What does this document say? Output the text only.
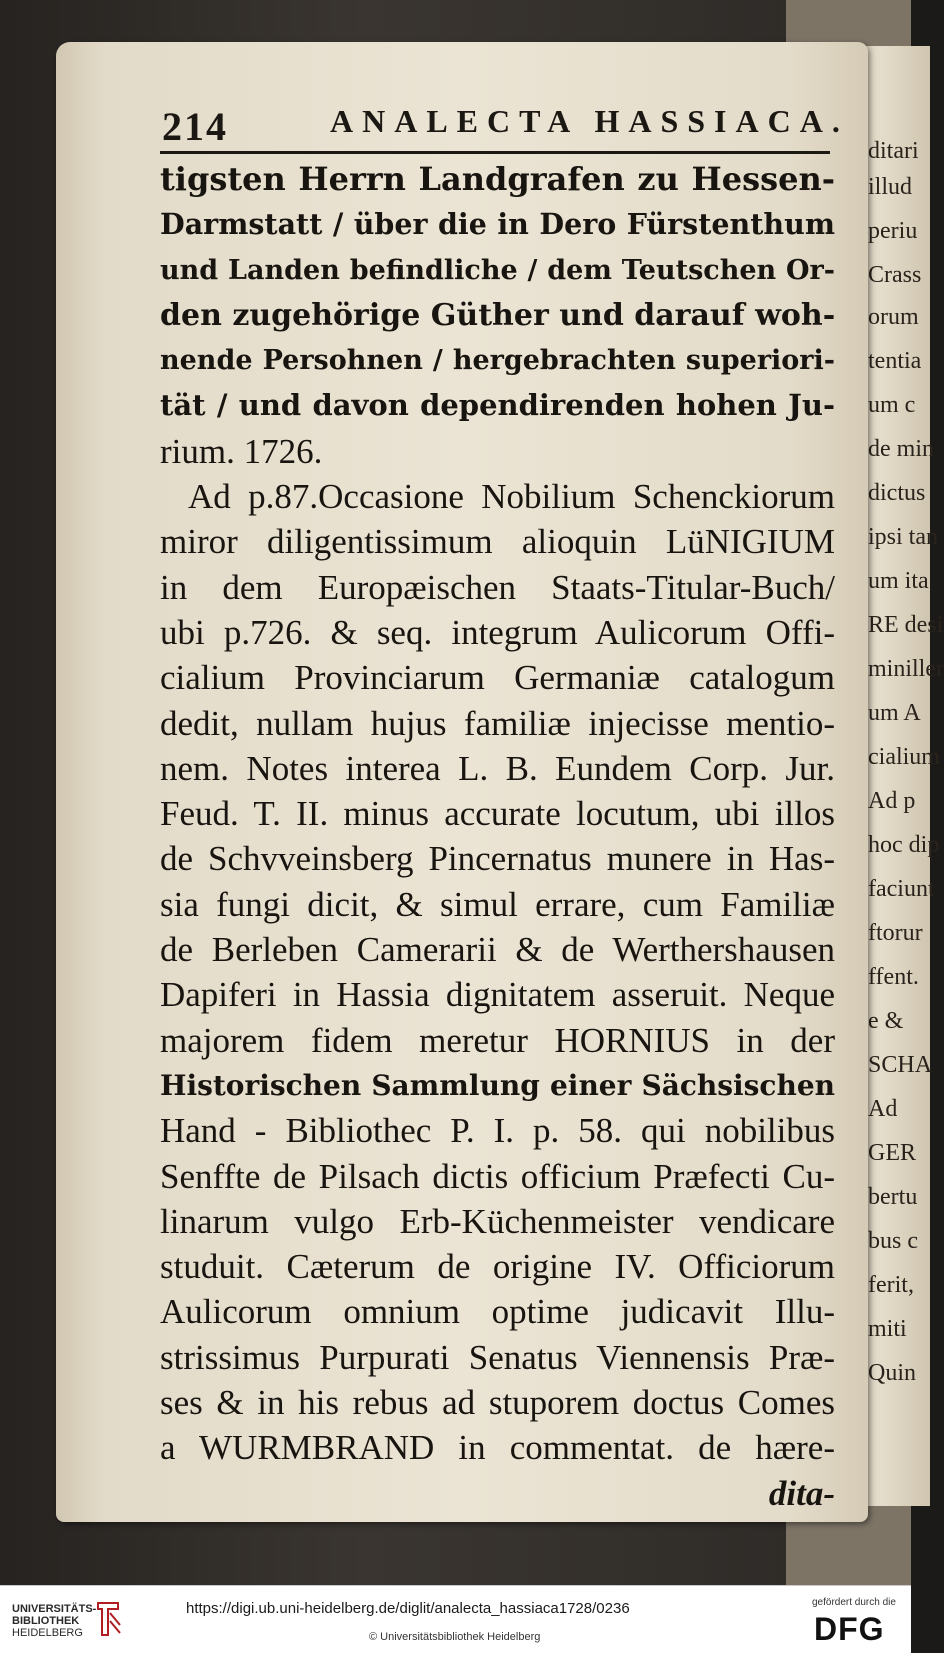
ditari
illud
periu
Crass
orum
tentia
um c
de min
dictus
ipsi tan
um ita
RE desi
miniller
um A
cialium
Ad p
hoc dip
faciunt
ftorur
ffent.
e &
SCHA
Ad
GER
bertu
bus c
ferit,
miti
Quin
214	ANALECTA HASSIACA.
tigsten Herrn Landgrafen zu Hessen-
Darmstatt / über die in Dero Fürstenthum
und Landen befindliche / dem Teutschen Or-
den zugehörige Güther und darauf woh-
nende Persohnen / hergebrachten superiori-
tät / und davon dependirenden hohen Ju-
rium. 1726.
Ad p.87.Occasione Nobilium Schenckiorum
miror diligentissimum alioquin LüNIGIUM
in dem Europæischen Staats-Titular-Buch/
ubi p.726. & seq. integrum Aulicorum Offi-
cialium Provinciarum Germaniæ catalogum
dedit, nullam hujus familiæ injecisse mentio-
nem. Notes interea L. B. Eundem Corp. Jur.
Feud. T. II. minus accurate locutum, ubi illos
de Schvveinsberg Pincernatus munere in Has-
sia fungi dicit, & simul errare, cum Familiæ
de Berleben Camerarii & de Werthershausen
Dapiferi in Hassia dignitatem asseruit. Neque
majorem fidem meretur HORNIUS in der
Historischen Sammlung einer Sächsischen
Hand - Bibliothec P. I. p. 58. qui nobilibus
Senffte de Pilsach dictis officium Præfecti Cu-
linarum vulgo Erb-Küchenmeister vendicare
studuit. Cæterum de origine IV. Officiorum
Aulicorum omnium optime judicavit Illu-
strissimus Purpurati Senatus Viennensis Præ-
ses & in his rebus ad stuporem doctus Comes
a WURMBRAND in commentat. de hære-
dita-
UNIVERSITÄTS-
BIBLIOTHEK
HEIDELBERG
https://digi.ub.uni-heidelberg.de/diglit/analecta_hassiaca1728/0236
© Universitätsbibliothek Heidelberg
gefördert durch die
DFG
